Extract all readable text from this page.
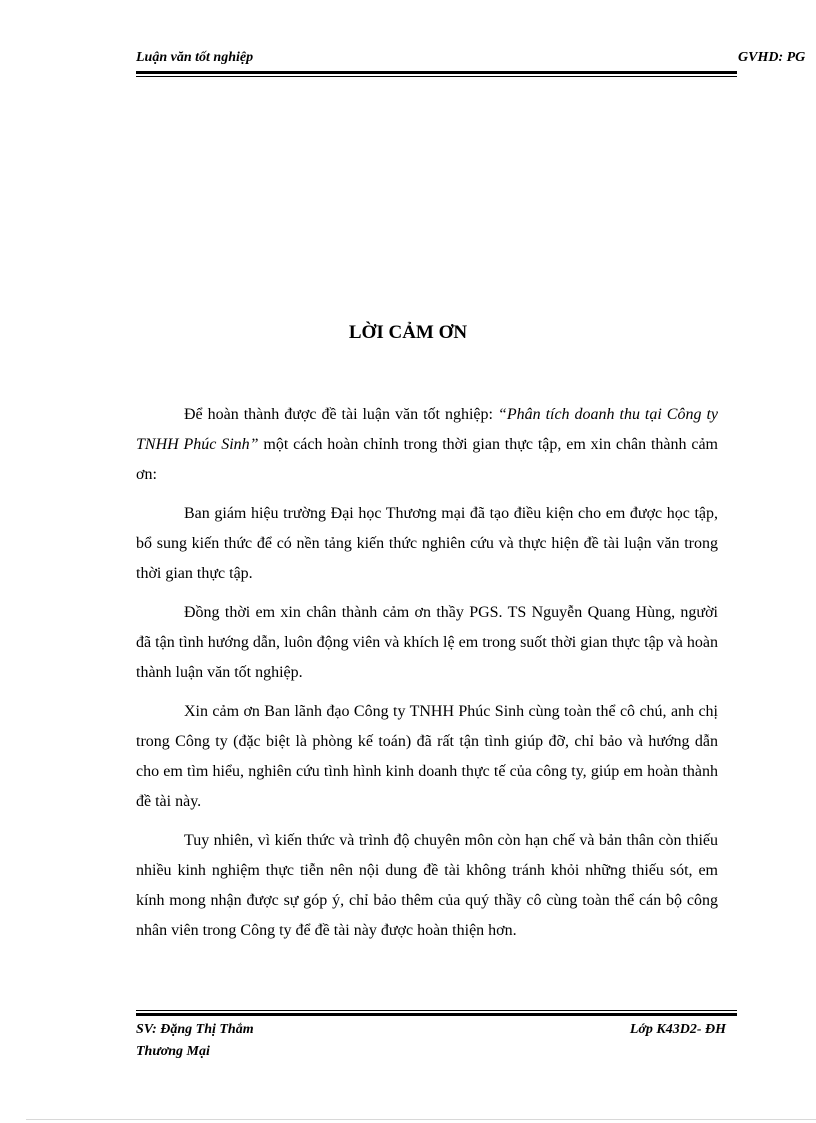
Luận văn tốt nghiệp	GVHD: PG
LỜI CẢM ƠN

Để hoàn thành được đề tài luận văn tốt nghiệp: “Phân tích doanh thu tại Công ty TNHH Phúc Sinh” một cách hoàn chỉnh trong thời gian thực tập, em xin chân thành cảm ơn:

Ban giám hiệu trường Đại học Thương mại đã tạo điều kiện cho em được học tập, bổ sung kiến thức để có nền tảng kiến thức nghiên cứu và thực hiện đề tài luận văn trong thời gian thực tập.

Đồng thời em xin chân thành cảm ơn thầy PGS. TS Nguyễn Quang Hùng, người đã tận tình hướng dẫn, luôn động viên và khích lệ em trong suốt thời gian thực tập và hoàn thành luận văn tốt nghiệp.

Xin cảm ơn Ban lãnh đạo Công ty TNHH Phúc Sinh cùng toàn thể cô chú, anh chị trong Công ty (đặc biệt là phòng kế toán) đã rất tận tình giúp đỡ, chỉ bảo và hướng dẫn cho em tìm hiểu, nghiên cứu tình hình kinh doanh thực tế của công ty, giúp em hoàn thành đề tài này.

Tuy nhiên, vì kiến thức và trình độ chuyên môn còn hạn chế và bản thân còn thiếu nhiều kinh nghiệm thực tiễn nên nội dung đề tài không tránh khỏi những thiếu sót, em kính mong nhận được sự góp ý, chỉ bảo thêm của quý thầy cô cùng toàn thể cán bộ công nhân viên trong Công ty để đề tài này được hoàn thiện hơn.

SV: Đặng Thị Thắm	Lớp K43D2- ĐH
Thương Mại
